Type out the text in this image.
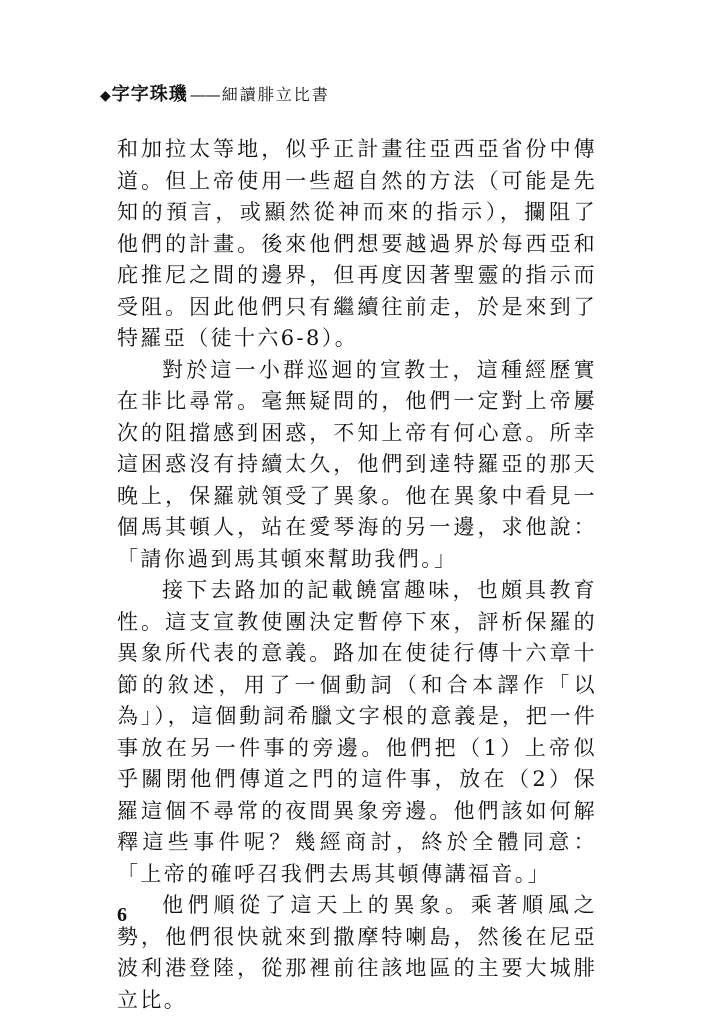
◆ 字字珠璣 —— 細讀腓立比書

和加拉太等地，似乎正計畫往亞西亞省份中傳道。但上帝使用一些超自然的方法（可能是先知的預言，或顯然從神而來的指示），攔阻了他們的計畫。後來他們想要越過界於每西亞和庇推尼之間的邊界，但再度因著聖靈的指示而受阻。因此他們只有繼續往前走，於是來到了特羅亞（徒十六6-8）。

對於這一小群巡迴的宣教士，這種經歷實在非比尋常。毫無疑問的，他們一定對上帝屢次的阻擋感到困惑，不知上帝有何心意。所幸這困惑沒有持續太久，他們到達特羅亞的那天晚上，保羅就領受了異象。他在異象中看見一個馬其頓人，站在愛琴海的另一邊，求他說：「請你過到馬其頓來幫助我們。」

接下去路加的記載饒富趣味，也頗具教育性。這支宣教使團決定暫停下來，評析保羅的異象所代表的意義。路加在使徒行傳十六章十節的敘述，用了一個動詞（和合本譯作「以為」），這個動詞希臘文字根的意義是，把一件事放在另一件事的旁邊。他們把（1）上帝似乎關閉他們傳道之門的這件事，放在（2）保羅這個不尋常的夜間異象旁邊。他們該如何解釋這些事件呢？幾經商討，終於全體同意：「上帝的確呼召我們去馬其頓傳講福音。」

他們順從了這天上的異象。乘著順風之勢，他們很快就來到撒摩特喇島，然後在尼亞波利港登陸，從那裡前往該地區的主要大城腓立比。

6
